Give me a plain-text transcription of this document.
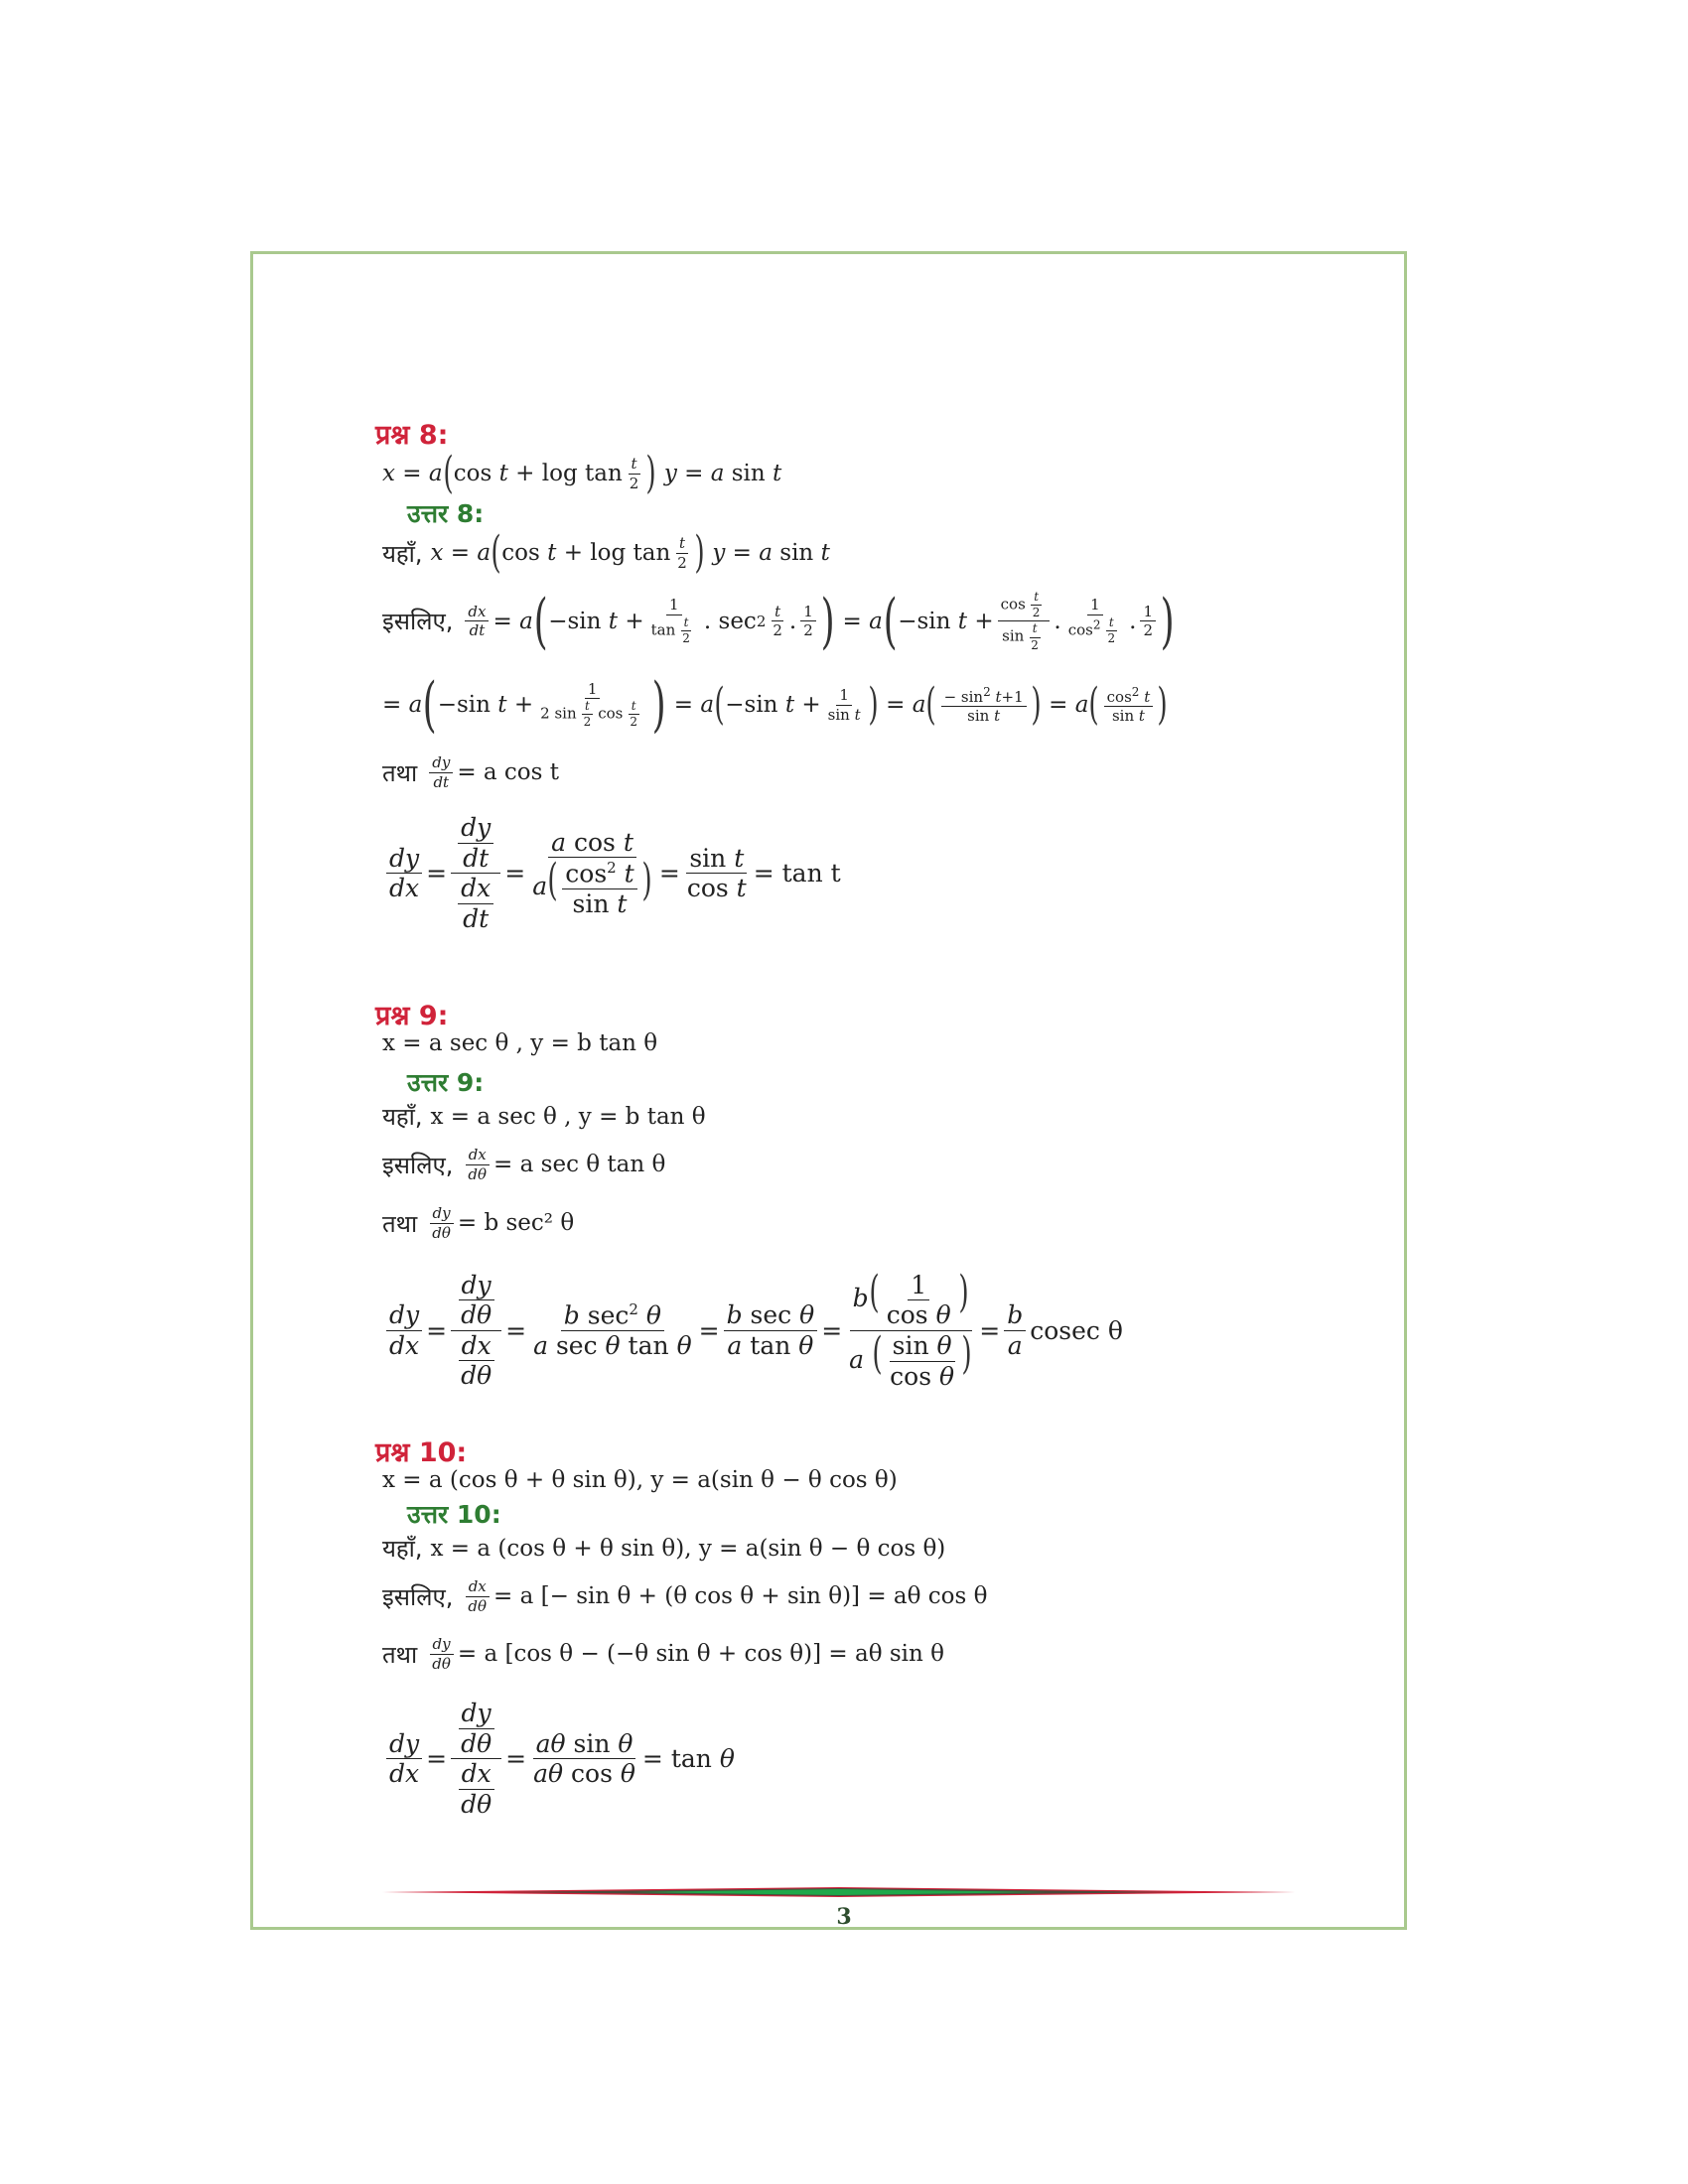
प्रश्न 8:
x = a ( $\cos t + \log \tan \frac{t}{2}$ )
y = a sin t
उत्तर 8:
यहाँ, x = a ( $\cos t + \log \tan \frac{t}{2}$ )
y = a sin t
इसलिए, $\frac{dx}{dt} = a$ ( −sin $t + \frac{1}{\tan \frac{t}{2}}$ . $\sec 2 \frac{t}{2}$ . $\frac{1}{2}$ ) = a ( −sin $t + \frac{\cos \frac{t}{2}}{\sin \frac{t}{2}}$ . $\frac{1}{\cos^2 \frac{t}{2}}$ . $\frac{1}{2}$ )
= a ( −sin $t + \frac{1}{2 \sin \frac{t}{2} \cos \frac{t}{2}}$ ) = a ( −sin $t + \frac{1}{\text{sin t}}$ ) = a ( $\frac{- \sin^2 t+1}{\text{sin t}}$ ) = a ( $\frac{\cos^2 t}{\text{sin t}}$ )
तथा $\frac{dy}{dt} = a$ cos t
$\frac{dy}{dx} = \frac{\frac{dy}{dt}}{\frac{dx}{dt}} = \frac{\text{a cos t}}{a( \frac{\cos^2 t}{\text{sin t}} )} = \frac{\text{sin t}}{\text{cos t}} = \tan t$
प्रश्न 9:
x = a sec θ , y = b tan θ
उत्तर 9:
यहाँ, x = a sec θ , y = b tan θ
इसलिए, $\frac{dx}{d\theta} = a$ sec θ tan θ
तथा $\frac{dy}{d\theta} = b$ sec² θ
$\frac{dy}{dx} = \frac{\frac{dy}{d\theta}}{\frac{dx}{d\theta}} = \frac{b \sec^2 \theta}{\text{a sec θ tan θ}} = \frac{\text{b sec θ}}{\text{a tan θ}} = \frac{b( \frac{1}{\text{cos θ}} )}{a ( \frac{\text{sin θ}}{\text{cos θ}} )} = \frac{b}{a}$ cosec θ
प्रश्न 10:
x = a (cos θ + θ sin θ), y = a(sin θ − θ cos θ)
उत्तर 10:
यहाँ, x = a (cos θ + θ sin θ), y = a(sin θ − θ cos θ)
इसलिए, $\frac{dx}{d\theta} = a$ [− sin θ + (θ cos θ + sin θ)] = aθ cos θ
तथा $\frac{dy}{d\theta} = a$ [cos θ − (−θ sin θ + cos θ)] = aθ sin θ
$\frac{dy}{dx} = \frac{\frac{dy}{d\theta}}{\frac{dx}{d\theta}} = \frac{\text{aθ sin θ}}{\text{aθ cos θ}} = \tan \theta$
3
